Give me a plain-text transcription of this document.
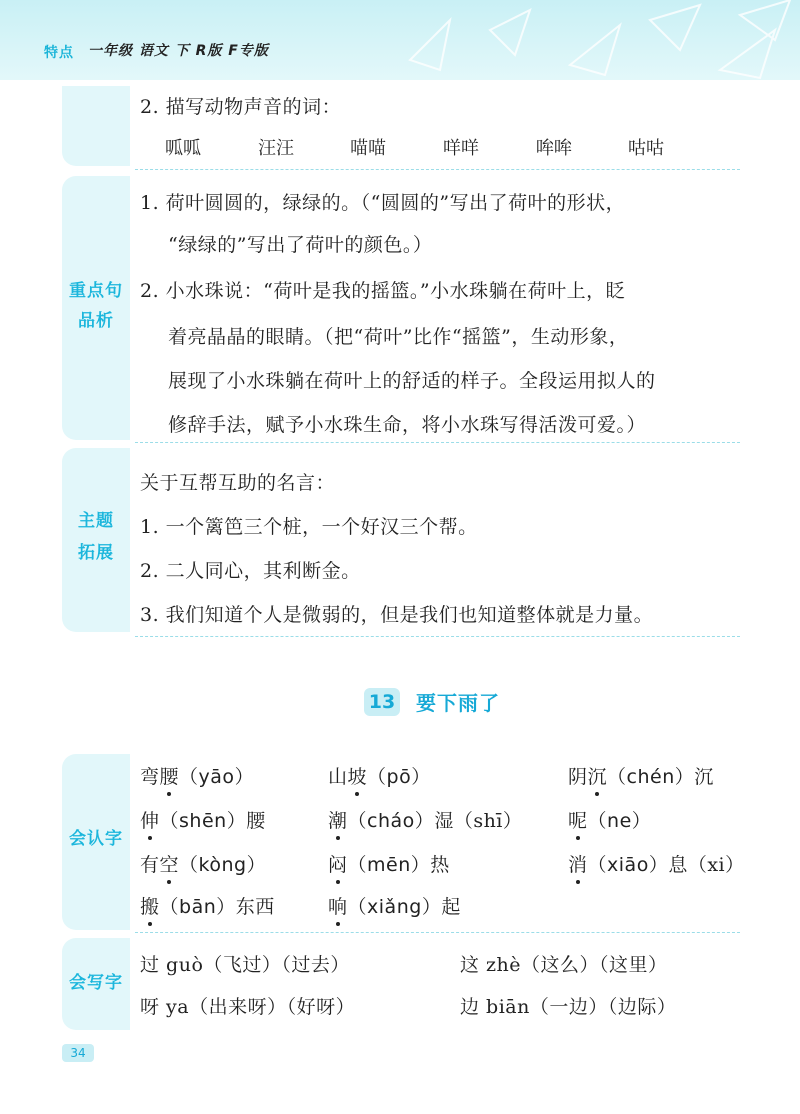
特点 一年级 语文 下 R版 F专版
2. 描写动物声音的词：
呱呱	汪汪	喵喵	咩咩	哞哞	咕咕
重点句
品析
1. 荷叶圆圆的，绿绿的。（“圆圆的”写出了荷叶的形状，
“绿绿的”写出了荷叶的颜色。）
2. 小水珠说：“荷叶是我的摇篮。”小水珠躺在荷叶上，眨
着亮晶晶的眼睛。（把“荷叶”比作“摇篮”，生动形象，
展现了小水珠躺在荷叶上的舒适的样子。全段运用拟人的
修辞手法，赋予小水珠生命，将小水珠写得活泼可爱。）
主题
拓展
关于互帮互助的名言：
1. 一个篱笆三个桩，一个好汉三个帮。
2. 二人同心，其利断金。
3. 我们知道个人是微弱的，但是我们也知道整体就是力量。
13 要下雨了
会认字
弯腰（yāo）	山坡（pō）	阴沉（chén）沉
伸（shēn）腰	潮（cháo）湿（shī） 呢（ne）
有空（kòng）	闷（mēn）热	消（xiāo）息（xi）
搬（bān）东西	响（xiǎng）起
会写字
过 guò（飞过）（过去）	这 zhè（这么）（这里）
呀 ya（出来呀）（好呀）	边 biān（一边）（边际）
34
